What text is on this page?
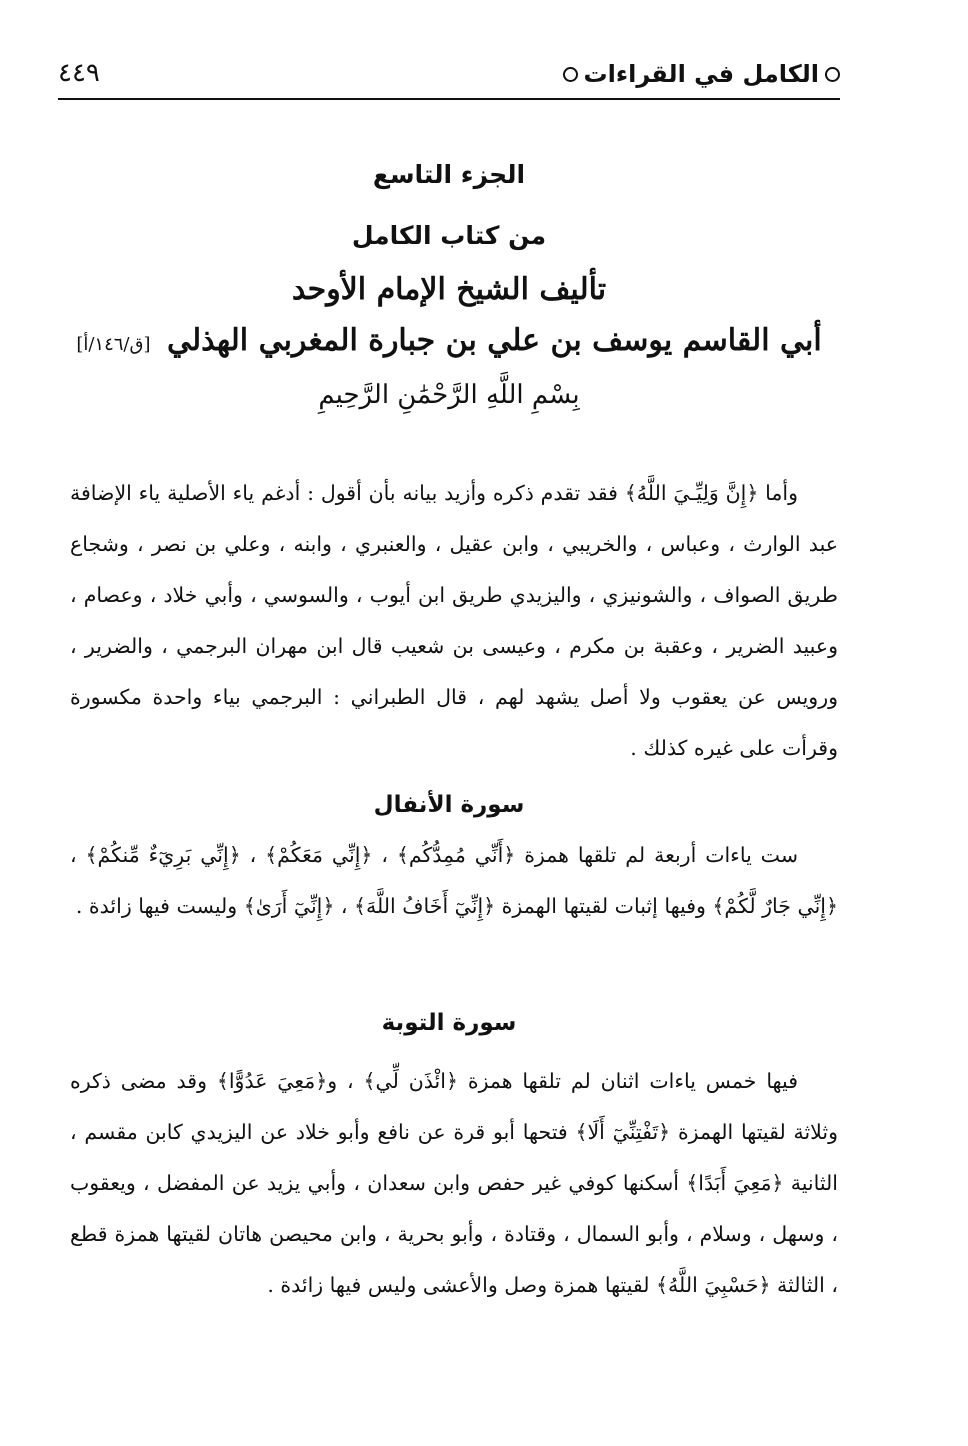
الكامل في القراءات
٤٤٩
الجزء التاسع
من كتاب الكامل
تأليف الشيخ الإمام الأوحد
أبي القاسم يوسف بن علي بن جبارة المغربي الهذلي [ق/١٤٦/أ]
بِسْمِ اللَّهِ الرَّحْمَٰنِ الرَّحِيمِ

وأما ﴿إِنَّ وَلِيِّـيَ اللَّهُ﴾ فقد تقدم ذكره وأزيد بيانه بأن أقول : أدغم ياء الأصلية ياء الإضافة عبد الوارث ، وعباس ، والخريبي ، وابن عقيل ، والعنبري ، وابنه ، وعلي بن نصر ، وشجاع طريق الصواف ، والشونيزي ، واليزيدي طريق ابن أيوب ، والسوسي ، وأبي خلاد ، وعصام ، وعبيد الضرير ، وعقبة بن مكرم ، وعيسى بن شعيب قال ابن مهران البرجمي ، والضرير ، ورويس عن يعقوب ولا أصل يشهد لهم ، قال الطبراني : البرجمي بياء واحدة مكسورة وقرأت على غيره كذلك .

سورة الأنفال

ست ياءات أربعة لم تلقها همزة ﴿أَنِّي مُمِدُّكُم﴾ ، ﴿إِنِّي مَعَكُمْ﴾ ، ﴿إِنِّي بَرِيٓءٌ مِّنكُمْ﴾ ، ﴿إِنِّي جَارٌ لَّكُمْ﴾ وفيها إثبات لقيتها الهمزة ﴿إِنِّيٓ أَخَافُ اللَّهَ﴾ ، ﴿إِنِّيٓ أَرَىٰ﴾ وليست فيها زائدة .

سورة التوبة

فيها خمس ياءات اثنان لم تلقها همزة ﴿ائْذَن لِّي﴾ ، و﴿مَعِيَ عَدُوًّا﴾ وقد مضى ذكره وثلاثة لقيتها الهمزة ﴿تَفْتِنِّيٓ أَلَا﴾ فتحها أبو قرة عن نافع وأبو خلاد عن اليزيدي كابن مقسم ، الثانية ﴿مَعِيَ أَبَدًا﴾ أسكنها كوفي غير حفص وابن سعدان ، وأبي يزيد عن المفضل ، ويعقوب ، وسهل ، وسلام ، وأبو السمال ، وقتادة ، وأبو بحرية ، وابن محيصن هاتان لقيتها همزة قطع ، الثالثة ﴿حَسْبِيَ اللَّهُ﴾ لقيتها همزة وصل والأعشى وليس فيها زائدة .
